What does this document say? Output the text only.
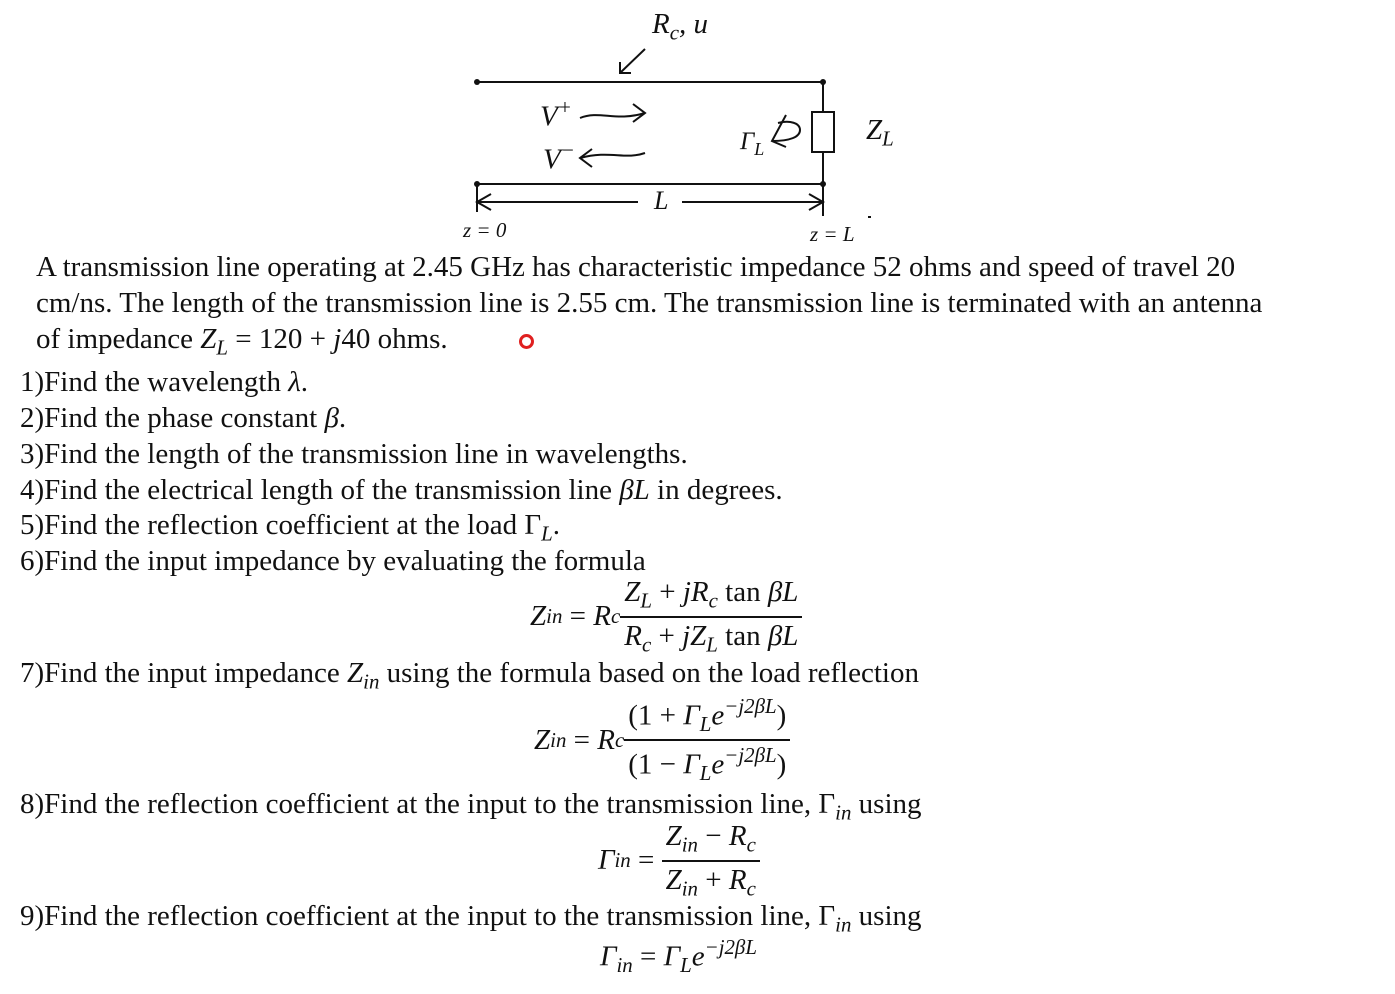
$R_c$, u
V+
V−	$\Gamma_L$
$Z_L$
L
z = 0	z = L
A transmission line operating at 2.45 GHz has characteristic impedance 52 ohms and speed of travel 20
cm/ns. The length of the transmission line is 2.55 cm. The transmission line is terminated with an antenna
of impedance $Z_L = 120 + j40$ ohms.
1)Find the wavelength λ.
2)Find the phase constant β.
3)Find the length of the transmission line in wavelengths.
4)Find the electrical length of the transmission line βL in degrees.
5)Find the reflection coefficient at the load $\Gamma_L$.
6)Find the input impedance by evaluating the formula
Z in = R c $\frac{Z_L + jR_c \tan \beta L}{R_c + jZ_L \tan \beta L}$
7)Find the input impedance $Z_{in}$ using the formula based on the load reflection
Z in = R c $\frac{(1 + \Gamma_Le^{-j2\beta L})}{(1 - \Gamma_Le^{-j2\beta L})}$
8)Find the reflection coefficient at the input to the transmission line, $\Gamma_{in}$ using
Γ in = $\frac{Z_{in} - R_c}{Z_{in} + R_c}$
9)Find the reflection coefficient at the input to the transmission line, $\Gamma_{in}$ using
$\Gamma_{in} = \Gamma_Le^{-j2\beta L}$
